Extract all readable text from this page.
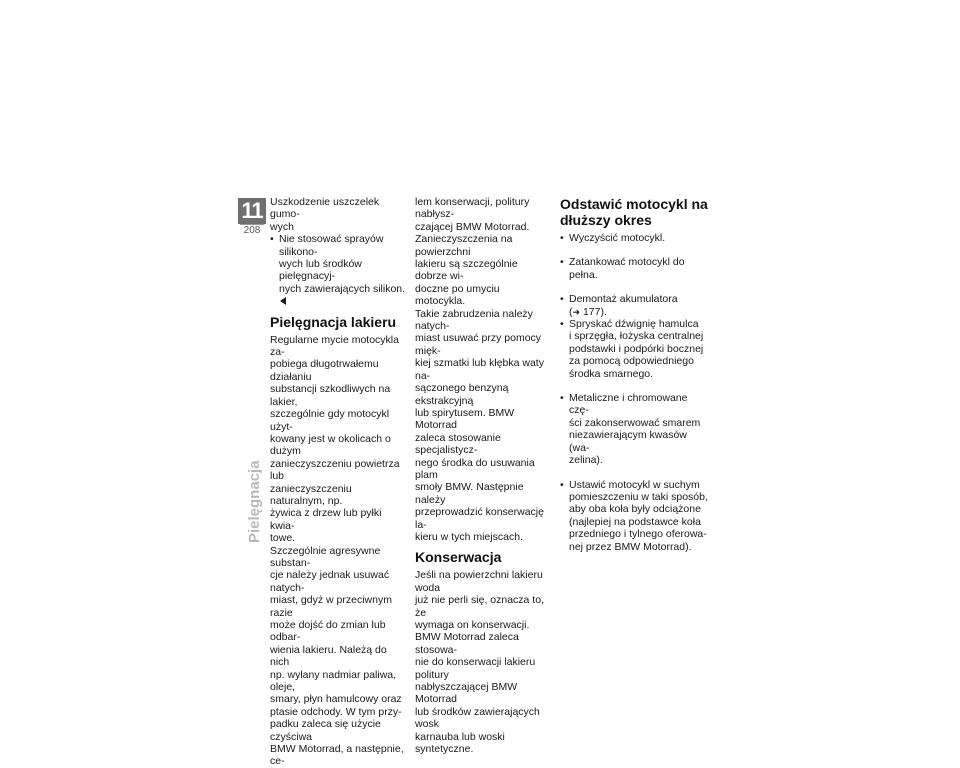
11
208
Pielęgnacja

Uszkodzenie uszczelek gumo-
wych

• Nie stosować sprayów silikono-
wych lub środków pielęgnacyj-
nych zawierających silikon.
Pielęgnacja lakieru

Regularne mycie motocykla za-
pobiega długotrwałemu działaniu
substancji szkodliwych na lakier,
szczególnie gdy motocykl użyt-
kowany jest w okolicach o dużym
zanieczyszczeniu powietrza lub
zanieczyszczeniu naturalnym, np.
żywica z drzew lub pyłki kwia-
towe.

Szczególnie agresywne substan-
cje należy jednak usuwać natych-
miast, gdyż w przeciwnym razie
może dojść do zmian lub odbar-
wienia lakieru. Należą do nich
np. wylany nadmiar paliwa, oleje,
smary, płyn hamulcowy oraz
ptasie odchody. W tym przy-
padku zaleca się użycie czyściwa
BMW Motorrad, a następnie, ce-

lem konserwacji, politury nabłysz-
czającej BMW Motorrad.
Zanieczyszczenia na powierzchni
lakieru są szczególnie dobrze wi-
doczne po umyciu motocykla.
Takie zabrudzenia należy natych-
miast usuwać przy pomocy mięk-
kiej szmatki lub kłębka waty na-
sączonego benzyną ekstrakcyjną
lub spirytusem. BMW Motorrad
zaleca stosowanie specjalistycz-
nego środka do usuwania plam
smoły BMW. Następnie należy
przeprowadzić konserwację la-
kieru w tych miejscach.

Konserwacja

Jeśli na powierzchni lakieru woda
już nie perli się, oznacza to, że
wymaga on konserwacji.

BMW Motorrad zaleca stosowa-
nie do konserwacji lakieru politury
nabłyszczającej BMW Motorrad
lub środków zawierających wosk
karnauba lub woski syntetyczne.

Odstawić motocykl na
dłuższy okres
• Wyczyścić motocykl.
• Zatankować motocykl do pełna.
• Demontaż akumulatora
(➜ 177).
• Spryskać dźwignię hamulca
i sprzęgła, łożyska centralnej
podstawki i podpórki bocznej
za pomocą odpowiedniego
środka smarnego.
• Metaliczne i chromowane czę-
ści zakonserwować smarem
niezawierającym kwasów (wa-
zelina).
• Ustawić motocykl w suchym
pomieszczeniu w taki sposób,
aby oba koła były odciążone
(najlepiej na podstawce koła
przedniego i tylnego oferowa-
nej przez BMW Motorrad).
